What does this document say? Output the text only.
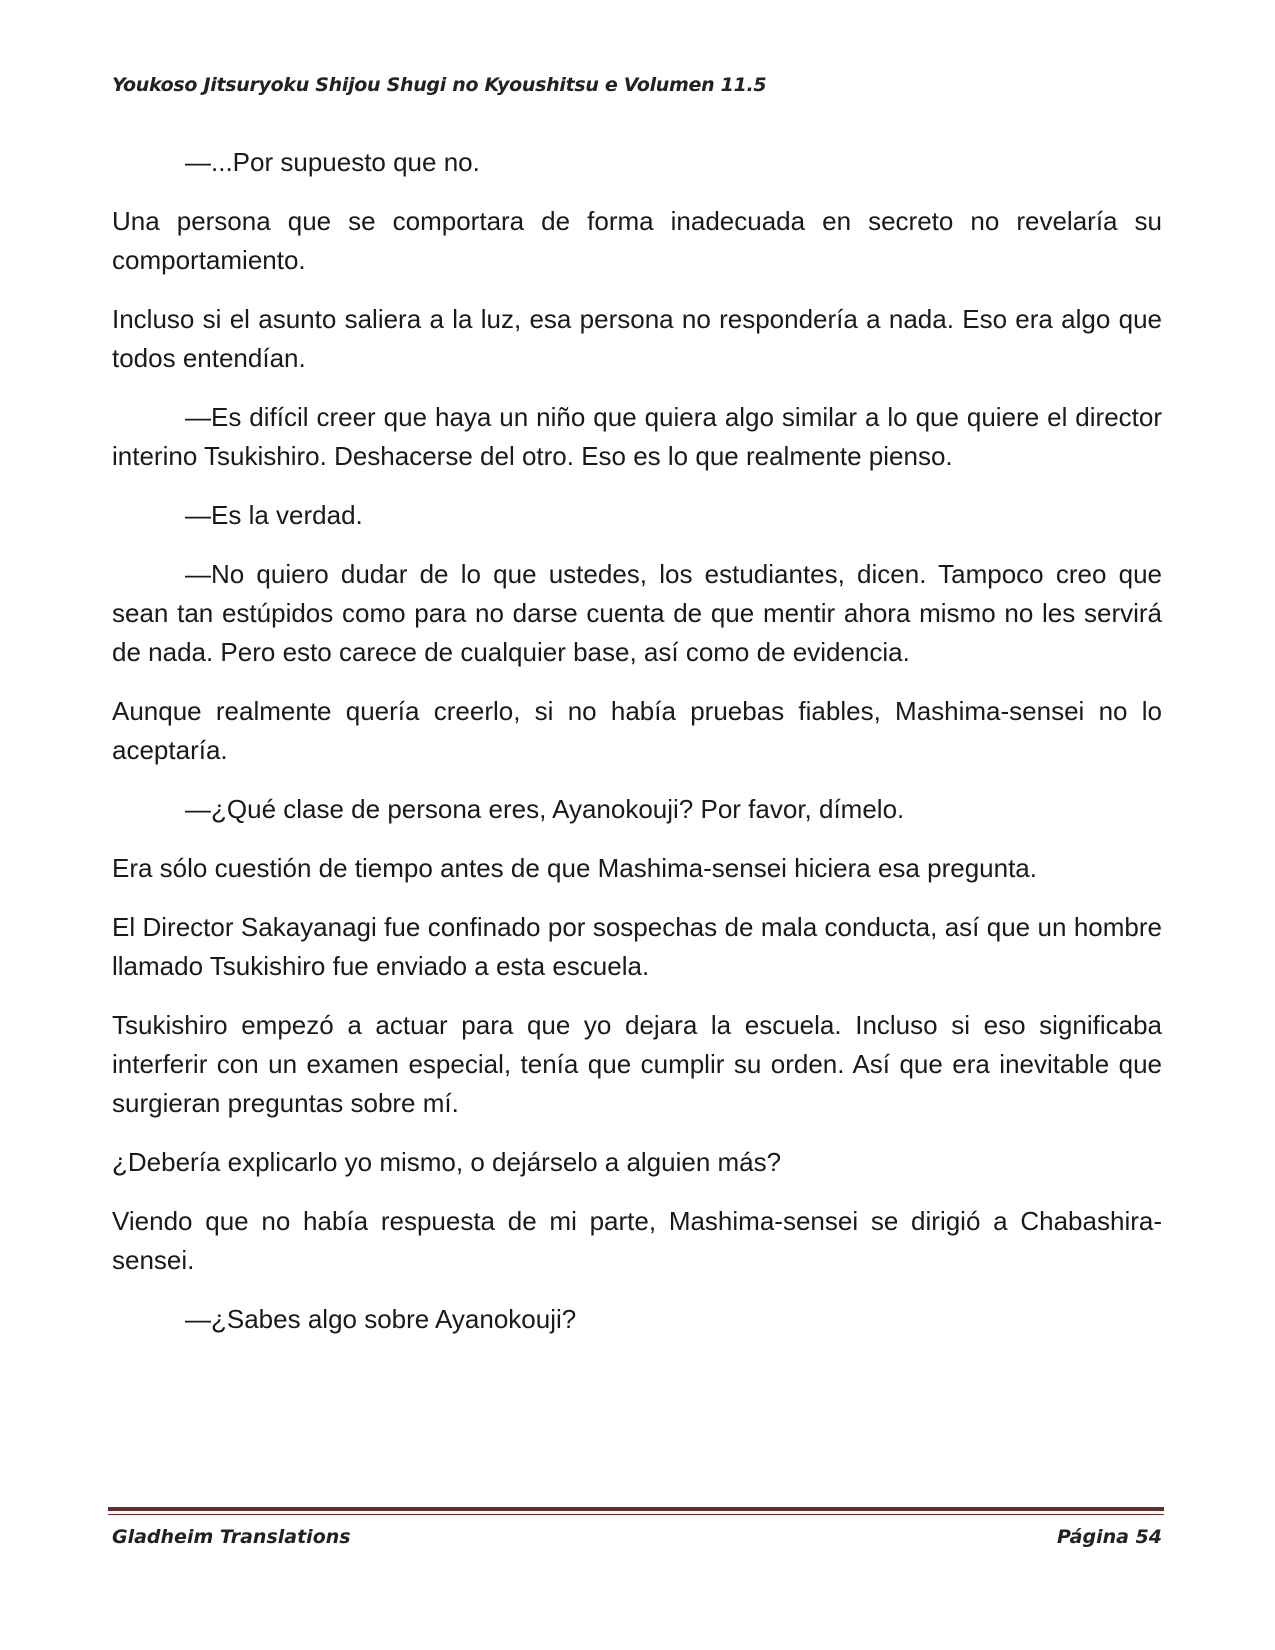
Youkoso Jitsuryoku Shijou Shugi no Kyoushitsu e Volumen 11.5

—...Por supuesto que no.

Una persona que se comportara de forma inadecuada en secreto no revelaría su comportamiento.

Incluso si el asunto saliera a la luz, esa persona no respondería a nada. Eso era algo que todos entendían.

—Es difícil creer que haya un niño que quiera algo similar a lo que quiere el director interino Tsukishiro. Deshacerse del otro. Eso es lo que realmente pienso.

—Es la verdad.

—No quiero dudar de lo que ustedes, los estudiantes, dicen. Tampoco creo que sean tan estúpidos como para no darse cuenta de que mentir ahora mismo no les servirá de nada. Pero esto carece de cualquier base, así como de evidencia.

Aunque realmente quería creerlo, si no había pruebas fiables, Mashima-sensei no lo aceptaría.

—¿Qué clase de persona eres, Ayanokouji? Por favor, dímelo.

Era sólo cuestión de tiempo antes de que Mashima-sensei hiciera esa pregunta.

El Director Sakayanagi fue confinado por sospechas de mala conducta, así que un hombre llamado Tsukishiro fue enviado a esta escuela.

Tsukishiro empezó a actuar para que yo dejara la escuela. Incluso si eso significaba interferir con un examen especial, tenía que cumplir su orden. Así que era inevitable que surgieran preguntas sobre mí.

¿Debería explicarlo yo mismo, o dejárselo a alguien más?

Viendo que no había respuesta de mi parte, Mashima-sensei se dirigió a Chabashira-sensei.

—¿Sabes algo sobre Ayanokouji?

Gladheim Translations	Página 54
